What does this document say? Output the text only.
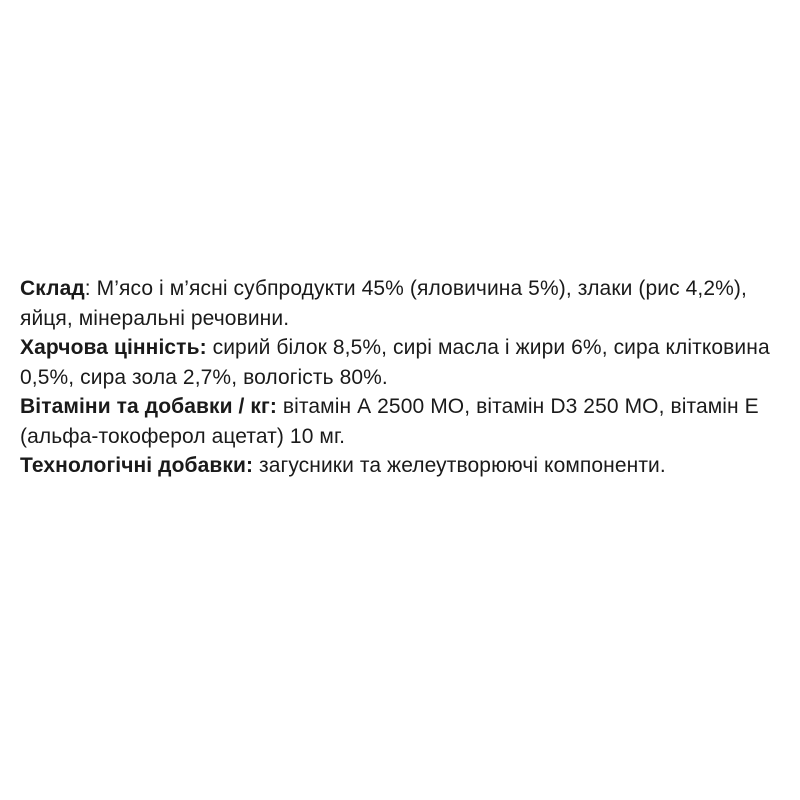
Склад: М’ясо і м’ясні субпродукти 45% (яловичина 5%), злаки (рис 4,2%), яйця, мінеральні речовини.

Харчова цінність: сирий білок 8,5%, сирі масла і жири 6%, сира клітковина 0,5%, сира зола 2,7%, вологість 80%.

Вітаміни та добавки / кг: вітамін А 2500 МО, вітамін D3 250 МО, вітамін Е (альфа-токоферол ацетат) 10 мг.

Технологічні добавки: загусники та желеутворюючі компоненти.
